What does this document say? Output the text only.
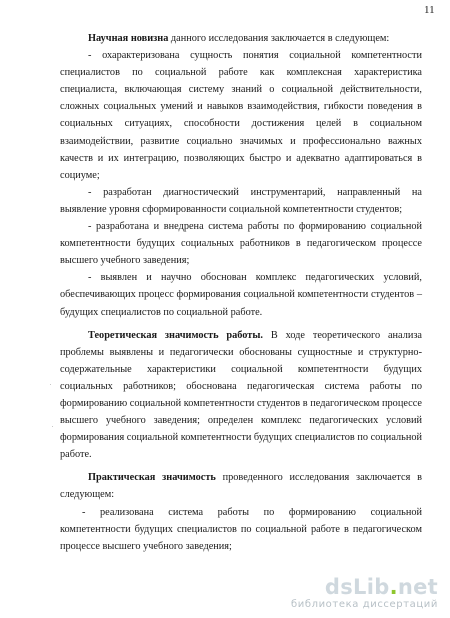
11

Научная новизна данного исследования заключается в следующем:

- охарактеризована сущность понятия социальной компетентности специалистов по социальной работе как комплексная характеристика специалиста, включающая систему знаний о социальной действительности, сложных социальных умений и навыков взаимодействия, гибкости поведения в социальных ситуациях, способности достижения целей в социальном взаимодействии, развитие социально значимых и профессионально важных качеств и их интеграцию, позволяющих быстро и адекватно адаптироваться в социуме;

- разработан диагностический инструментарий, направленный на выявление уровня сформированности социальной компетентности студентов;

- разработана и внедрена система работы по формированию социальной компетентности будущих социальных работников в педагогическом процессе высшего учебного заведения;

- выявлен и научно обоснован комплекс педагогических условий, обеспечивающих процесс формирования социальной компетентности студентов – будущих специалистов по социальной работе.

Теоретическая значимость работы. В ходе теоретического анализа проблемы выявлены и педагогически обоснованы сущностные и структурно-содержательные характеристики социальной компетентности будущих социальных работников; обоснована педагогическая система работы по формированию социальной компетентности студентов в педагогическом процессе высшего учебного заведения; определен комплекс педагогических условий формирования социальной компетентности будущих специалистов по социальной работе.

Практическая значимость проведенного исследования заключается в следующем:

- реализована система работы по формированию социальной компетентности будущих специалистов по социальной работе в педагогическом процессе высшего учебного заведения;

dsLib.net
библиотека диссертаций
